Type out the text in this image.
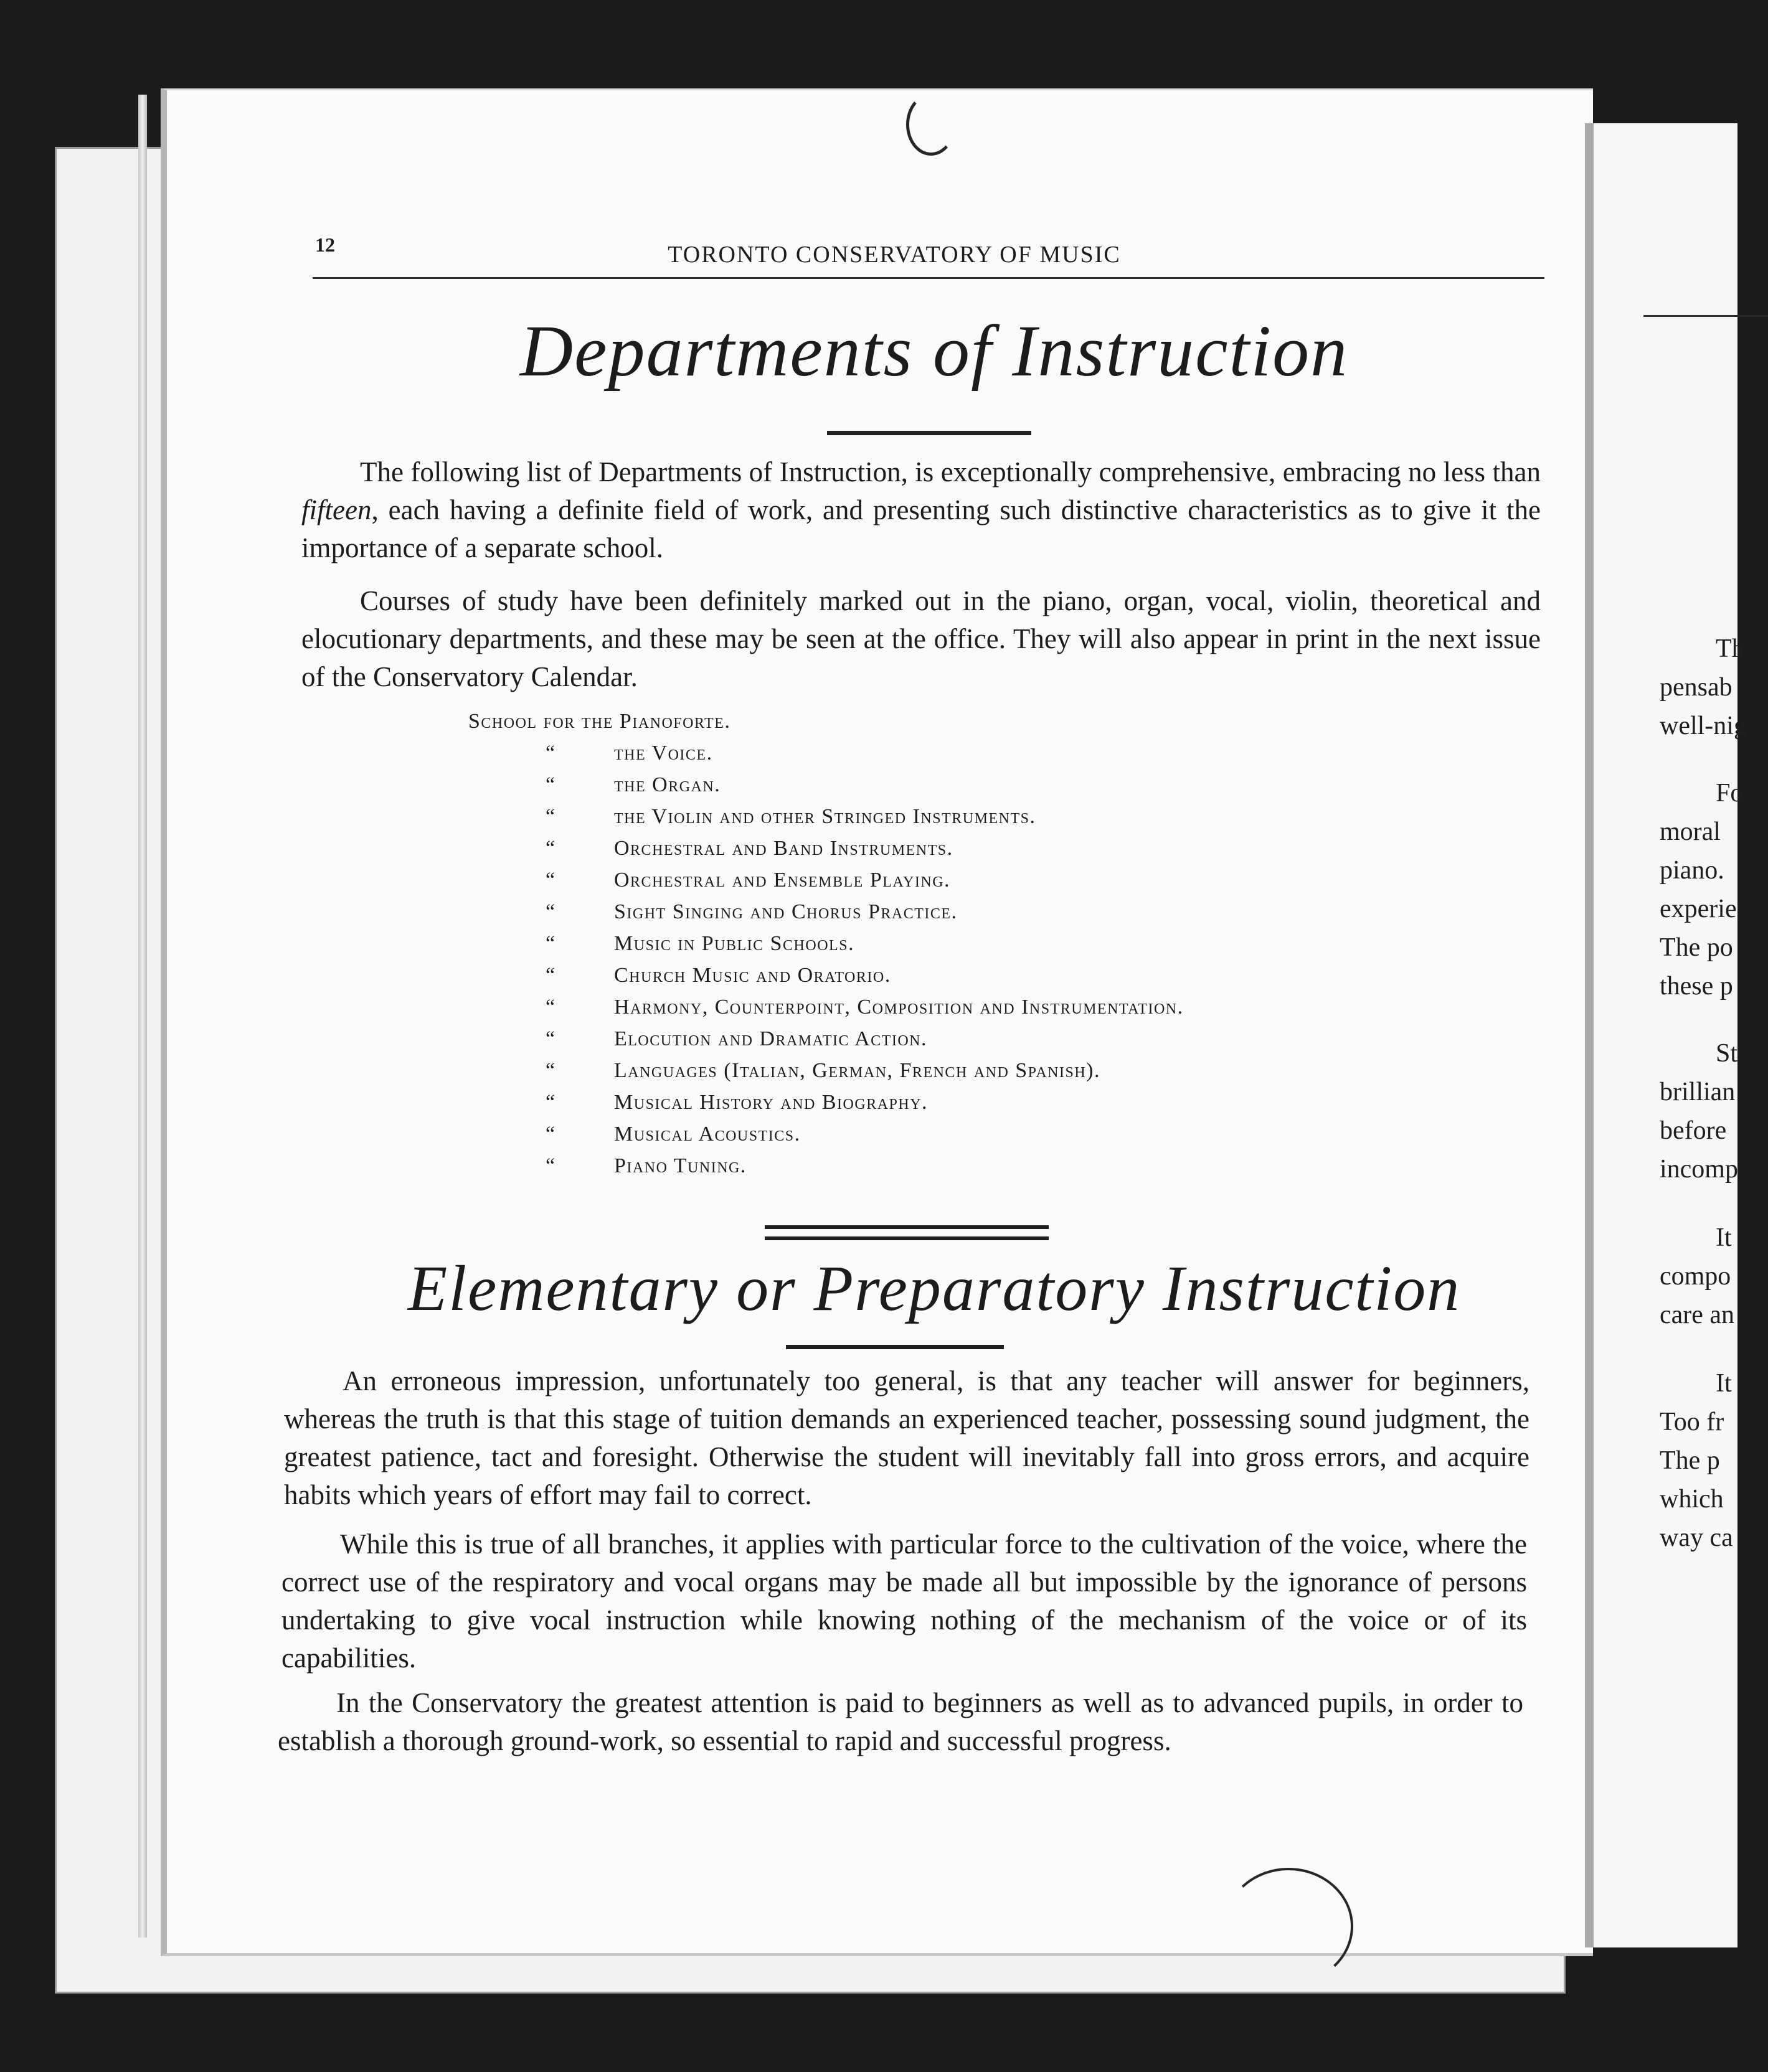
Th
pensab
well-nig
Fo
moral
piano.
experie
The po
these p
St
brillian
before
incomp
It
compo
care an
It
Too fr
The p
which
way ca
12	TORONTO CONSERVATORY OF MUSIC
Departments of Instruction

The following list of Departments of Instruction, is exceptionally comprehensive, embracing no less than fifteen, each having a definite field of work, and presenting such distinctive characteristics as to give it the importance of a separate school.

Courses of study have been definitely marked out in the piano, organ, vocal, violin, theoretical and elocutionary departments, and these may be seen at the office. They will also appear in print in the next issue of the Conservatory Calendar.

School for the Pianoforte.
“	the Voice.
“	the Organ.
“	the Violin and other Stringed Instruments.
“	Orchestral and Band Instruments.
“	Orchestral and Ensemble Playing.
“	Sight Singing and Chorus Practice.
“	Music in Public Schools.
“	Church Music and Oratorio.
“	Harmony, Counterpoint, Composition and Instrumentation.
“	Elocution and Dramatic Action.
“	Languages (Italian, German, French and Spanish).
“	Musical History and Biography.
“	Musical Acoustics.
“	Piano Tuning.
Elementary or Preparatory Instruction

An erroneous impression, unfortunately too general, is that any teacher will answer for beginners, whereas the truth is that this stage of tuition demands an experienced teacher, possessing sound judgment, the greatest patience, tact and foresight. Otherwise the student will inevitably fall into gross errors, and acquire habits which years of effort may fail to correct.

While this is true of all branches, it applies with particular force to the cultivation of the voice, where the correct use of the respiratory and vocal organs may be made all but impossible by the ignorance of persons undertaking to give vocal instruction while knowing nothing of the mechanism of the voice or of its capabilities.

In the Conservatory the greatest attention is paid to beginners as well as to advanced pupils, in order to establish a thorough ground-work, so essential to rapid and successful progress.
